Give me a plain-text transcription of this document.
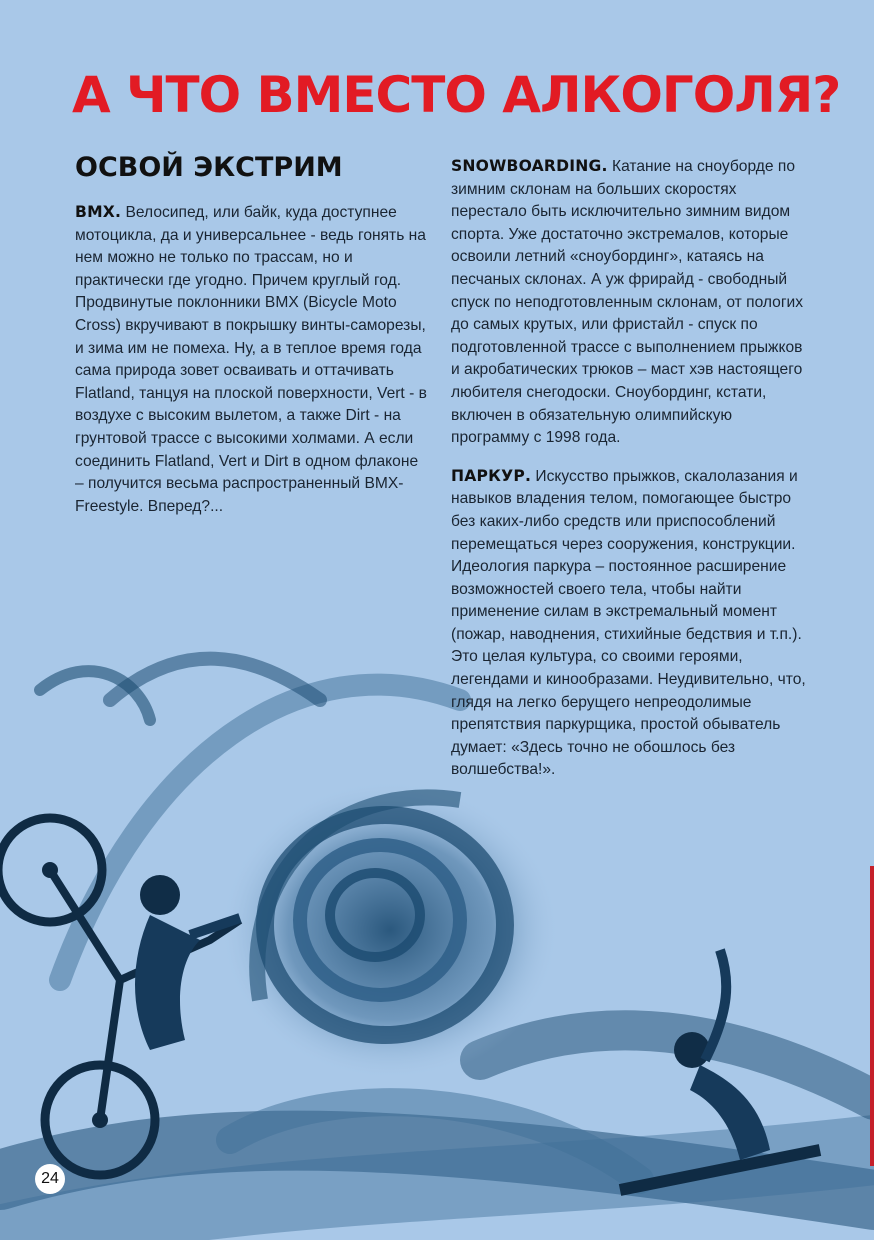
А ЧТО ВМЕСТО АЛКОГОЛЯ?
ОСВОЙ ЭКСТРИМ

BMX. Велосипед, или байк, куда доступнее мотоцикла, да и универсальнее - ведь гонять на нем можно не только по трассам, но и практически где угодно. Причем круглый год. Продвинутые поклонники BMX (Bicycle Moto Cross) вкручивают в покрышку винты-саморезы, и зима им не помеха. Ну, а в теплое время года сама природа зовет осваивать и оттачивать Flatland, танцуя на плоской поверхности, Vert - в воздухе с высоким вылетом, а также Dirt - на грунтовой трассе с высокими холмами. А если соединить Flatland, Vert и Dirt в одном флаконе – получится весьма распространенный BMX-Freestyle. Вперед?...

SNOWBOARDING. Катание на сноуборде по зимним склонам на больших скоростях перестало быть исключительно зимним видом спорта. Уже достаточно экстремалов, которые освоили летний «сноубординг», катаясь на песчаных склонах. А уж фрирайд - свободный спуск по неподготовленным склонам, от пологих до самых крутых, или фристайл - спуск по подготовленной трассе с выполнением прыжков и акробатических трюков – маст хэв настоящего любителя снегодоски. Сноубординг, кстати, включен в обязательную олимпийскую программу с 1998 года.

ПАРКУР. Искусство прыжков, скалолазания и навыков владения телом, помогающее быстро без каких-либо средств или приспособлений перемещаться через сооружения, конструкции. Идеология паркура – постоянное расширение возможностей своего тела, чтобы найти применение силам в экстремальный момент (пожар, наводнения, стихийные бедствия и т.п.). Это целая культура, со своими героями, легендами и кинообразами. Неудивительно, что, глядя на легко берущего непреодолимые препятствия паркурщика, простой обыватель думает: «Здесь точно не обошлось без волшебства!».

24
